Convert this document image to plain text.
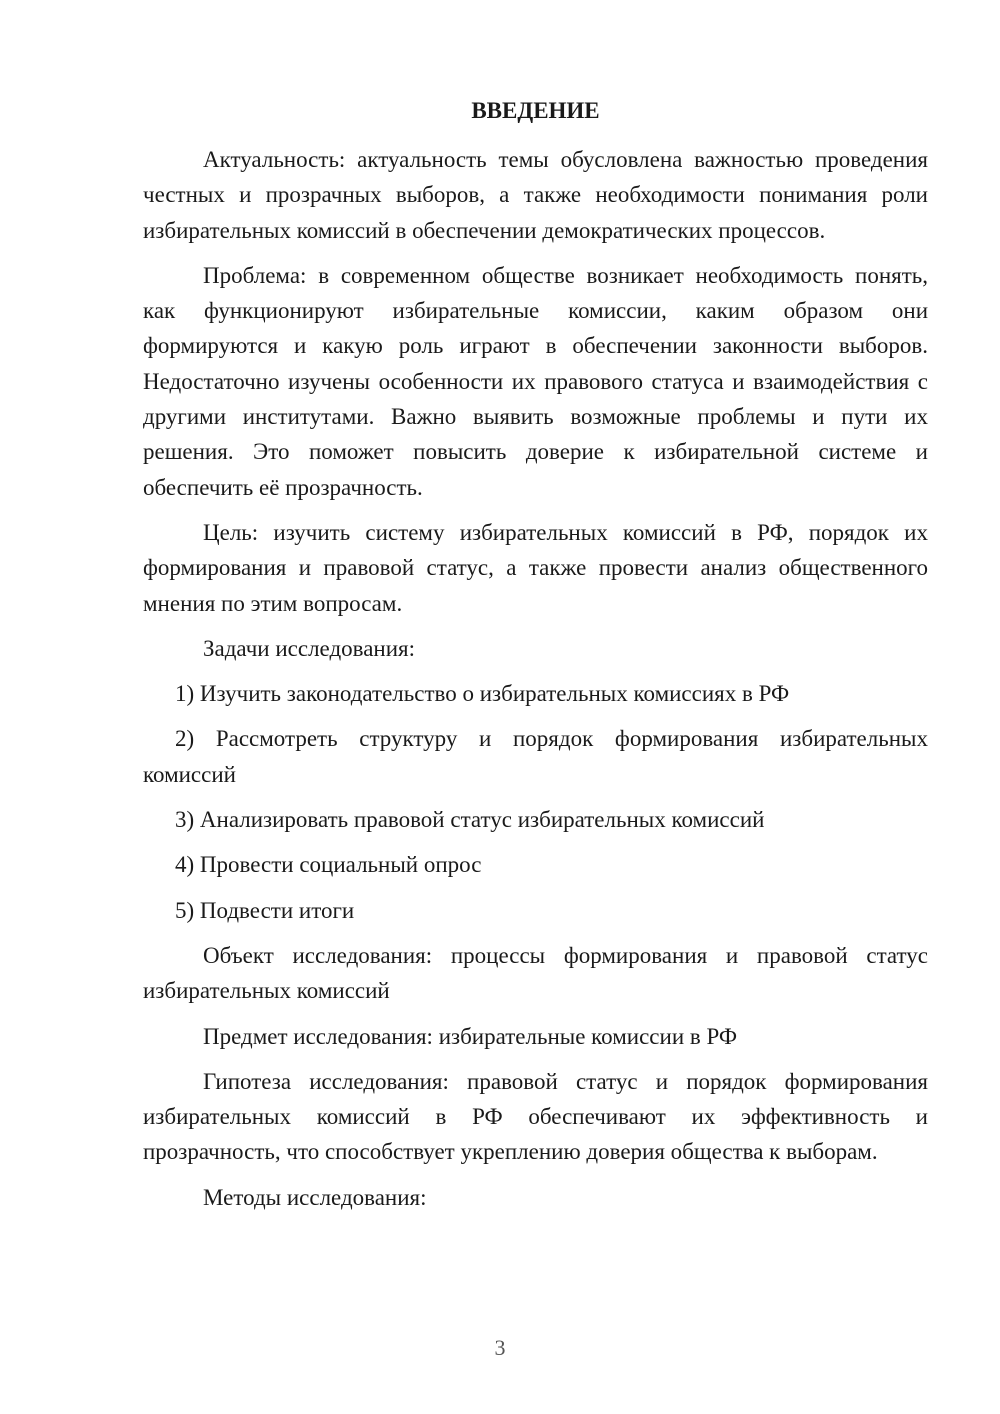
ВВЕДЕНИЕ

Актуальность: актуальность темы обусловлена важностью проведения честных и прозрачных выборов, а также необходимости понимания роли избирательных комиссий в обеспечении демократических процессов.

Проблема: в современном обществе возникает необходимость понять, как функционируют избирательные комиссии, каким образом они формируются и какую роль играют в обеспечении законности выборов. Недостаточно изучены особенности их правового статуса и взаимодействия с другими институтами. Важно выявить возможные проблемы и пути их решения. Это поможет повысить доверие к избирательной системе и обеспечить её прозрачность.

Цель: изучить систему избирательных комиссий в РФ, порядок их формирования и правовой статус, а также провести анализ общественного мнения по этим вопросам.

Задачи исследования:

1) Изучить законодательство о избирательных комиссиях в РФ

2) Рассмотреть структуру и порядок формирования избирательных комиссий

3) Анализировать правовой статус избирательных комиссий

4) Провести социальный опрос

5) Подвести итоги

Объект исследования: процессы формирования и правовой статус избирательных комиссий

Предмет исследования: избирательные комиссии в РФ

Гипотеза исследования: правовой статус и порядок формирования избирательных комиссий в РФ обеспечивают их эффективность и прозрачность, что способствует укреплению доверия общества к выборам.

Методы исследования:

3
